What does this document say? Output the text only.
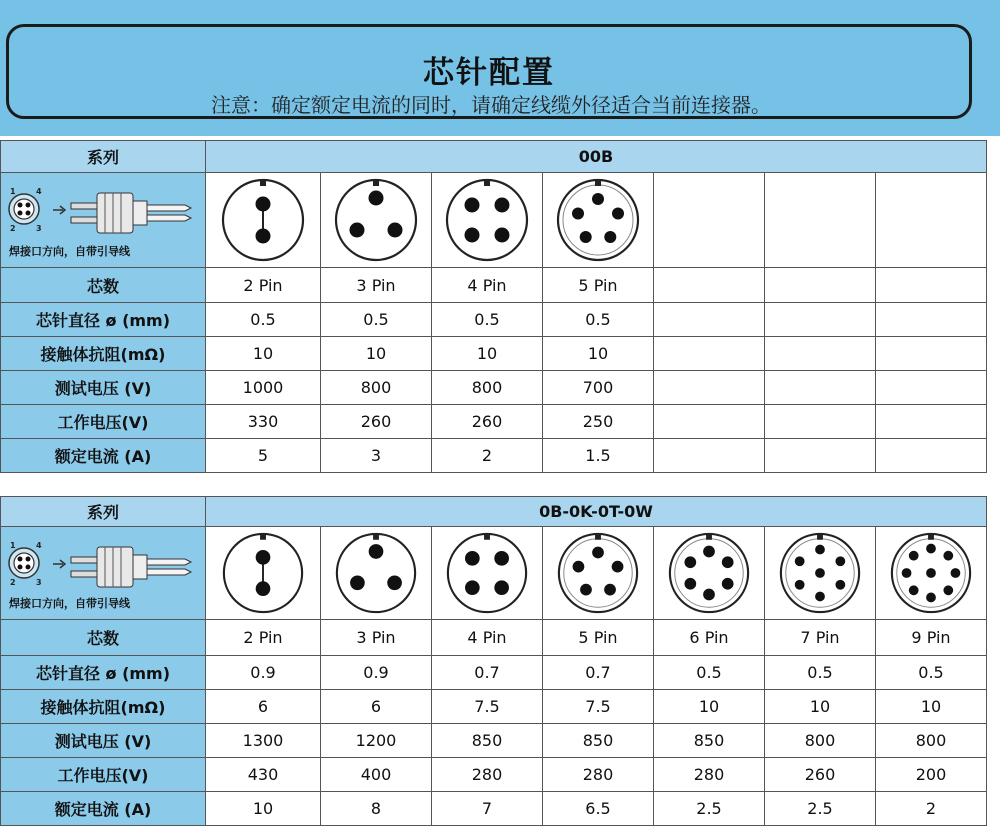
芯针配置
注意：确定额定电流的同时，请确定线缆外径适合当前连接器。
系列	00B						

1 4
2 3
焊接口方向，自带引导线

芯数	2 Pin	3 Pin	4 Pin	5 Pin			
芯针直径 ø (mm)	0.5	0.5	0.5	0.5			
接触体抗阻(mΩ)	10	10	10	10			
测试电压 (V)	1000	800	800	700			
工作电压(V)	330	260	260	250			
额定电流 (A)	5	3	2	1.5			
系列	0B-0K-0T-0W						

1 4
2 3
焊接口方向，自带引导线

芯数	2 Pin	3 Pin	4 Pin	5 Pin	6 Pin	7 Pin	9 Pin
芯针直径 ø (mm)	0.9	0.9	0.7	0.7	0.5	0.5	0.5
接触体抗阻(mΩ)	6	6	7.5	7.5	10	10	10
测试电压 (V)	1300	1200	850	850	850	800	800
工作电压(V)	430	400	280	280	280	260	200
额定电流 (A)	10	8	7	6.5	2.5	2.5	2
